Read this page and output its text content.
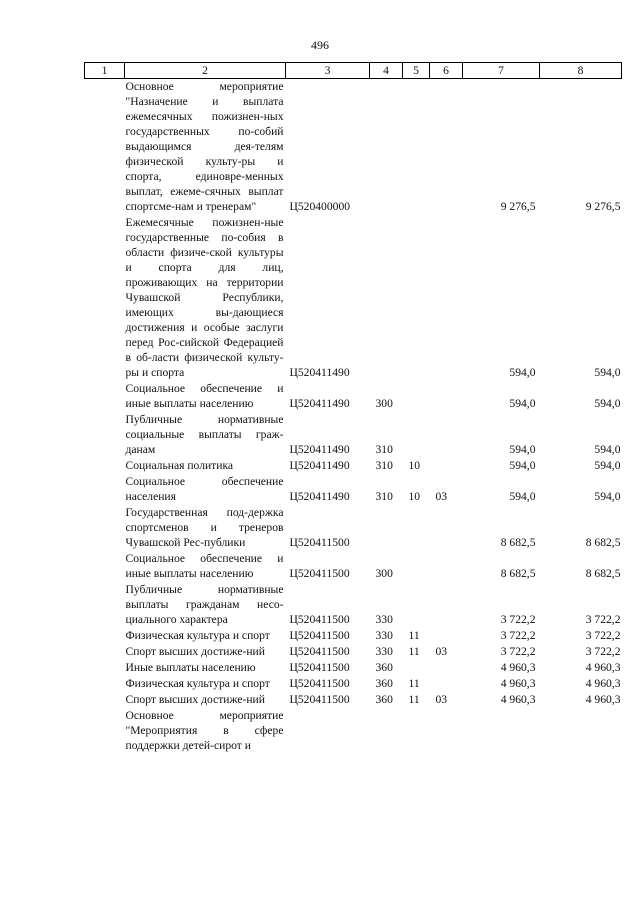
496
1	2	3	4	5	6	7	8
	Основное мероприятие "Назначение и выплата ежемесячных пожизнен-ных государственных по-собий выдающимся дея-телям физической культу-ры и спорта, единовре-менных выплат, ежеме-сячных выплат спортсме-нам и тренерам"	Ц520400000				9 276,5	9 276,5
	Ежемесячные пожизнен-ные государственные по-собия в области физиче-ской культуры и спорта для лиц, проживающих на территории Чувашской Республики, имеющих вы-дающиеся достижения и особые заслуги перед Рос-сийской Федерацией в об-ласти физической культу-ры и спорта	Ц520411490				594,0	594,0
	Социальное обеспечение и иные выплаты населению	Ц520411490	300			594,0	594,0
	Публичные нормативные социальные выплаты граж-данам	Ц520411490	310			594,0	594,0
	Социальная политика	Ц520411490	310	10		594,0	594,0
	Социальное обеспечение населения	Ц520411490	310	10	03	594,0	594,0
	Государственная под-держка спортсменов и тренеров Чувашской Рес-публики	Ц520411500				8 682,5	8 682,5
	Социальное обеспечение и иные выплаты населению	Ц520411500	300			8 682,5	8 682,5
	Публичные нормативные выплаты гражданам несо-циального характера	Ц520411500	330			3 722,2	3 722,2
	Физическая культура и спорт	Ц520411500	330	11		3 722,2	3 722,2
	Спорт высших достиже-ний	Ц520411500	330	11	03	3 722,2	3 722,2
	Иные выплаты населению	Ц520411500	360			4 960,3	4 960,3
	Физическая культура и спорт	Ц520411500	360	11		4 960,3	4 960,3
	Спорт высших достиже-ний	Ц520411500	360	11	03	4 960,3	4 960,3
	Основное мероприятие "Мероприятия в сфере поддержки детей-сирот и						
